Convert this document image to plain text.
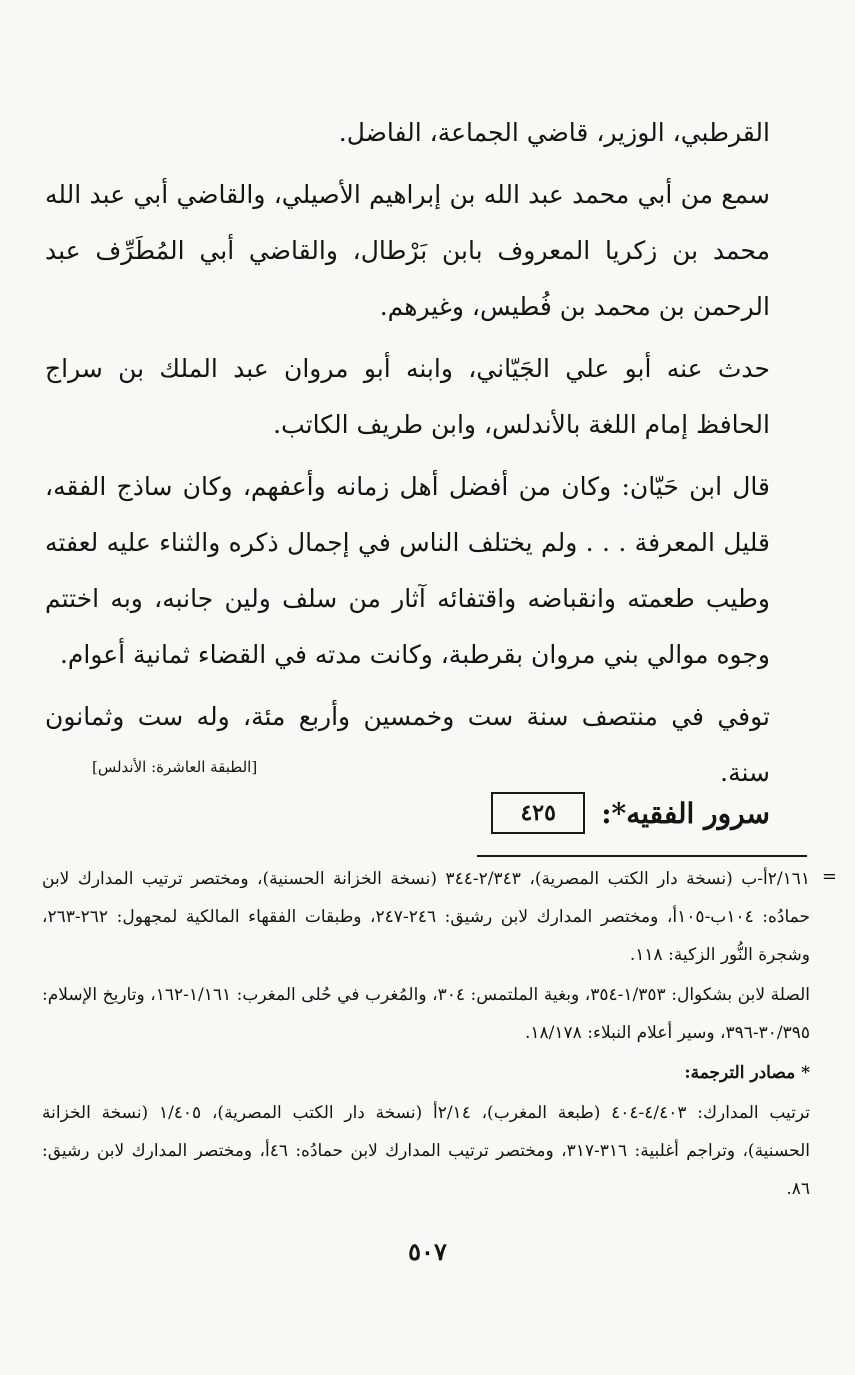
القرطبي، الوزير، قاضي الجماعة، الفاضل.

سمع من أبي محمد عبد الله بن إبراهيم الأصيلي، والقاضي أبي عبد الله محمد بن زكريا المعروف بابن بَرْطال، والقاضي أبي المُطَرِّف عبد الرحمن بن محمد بن فُطيس، وغيرهم.

حدث عنه أبو علي الجَيّاني، وابنه أبو مروان عبد الملك بن سراج الحافظ إمام اللغة بالأندلس، وابن طريف الكاتب.

قال ابن حَيّان: وكان من أفضل أهل زمانه وأعفهم، وكان ساذج الفقه، قليل المعرفة . . . ولم يختلف الناس في إجمال ذكره والثناء عليه لعفته وطيب طعمته وانقباضه واقتفائه آثار من سلف ولين جانبه، وبه اختتم وجوه موالي بني مروان بقرطبة، وكانت مدته في القضاء ثمانية أعوام.

توفي في منتصف سنة ست وخمسين وأربع مئة، وله ست وثمانون سنة.

[الطبقة العاشرة: الأندلس]
سرور الفقيه*:
٤٢٥
=

٢/١٦١أ-ب (نسخة دار الكتب المصرية)، ٢/٣٤٣-٣٤٤ (نسخة الخزانة الحسنية)، ومختصر ترتيب المدارك لابن حمادُه: ١٠٤ب-١٠٥أ، ومختصر المدارك لابن رشيق: ٢٤٦-٢٤٧، وطبقات الفقهاء المالكية لمجهول: ٢٦٢-٢٦٣، وشجرة النُّور الزكية: ١١٨.

الصلة لابن بشكوال: ١/٣٥٣-٣٥٤، وبغية الملتمس: ٣٠٤، والمُغرب في حُلى المغرب: ١/١٦١-١٦٢، وتاريخ الإسلام: ٣٠/٣٩٥-٣٩٦، وسير أعلام النبلاء: ١٨/١٧٨.

* مصادر الترجمة:

ترتيب المدارك: ٤/٤٠٣-٤٠٤ (طبعة المغرب)، ٢/١٤أ (نسخة دار الكتب المصرية)، ١/٤٠٥ (نسخة الخزانة الحسنية)، وتراجم أغلبية: ٣١٦-٣١٧، ومختصر ترتيب المدارك لابن حمادُه: ٤٦أ، ومختصر المدارك لابن رشيق: ٨٦.

٥٠٧
